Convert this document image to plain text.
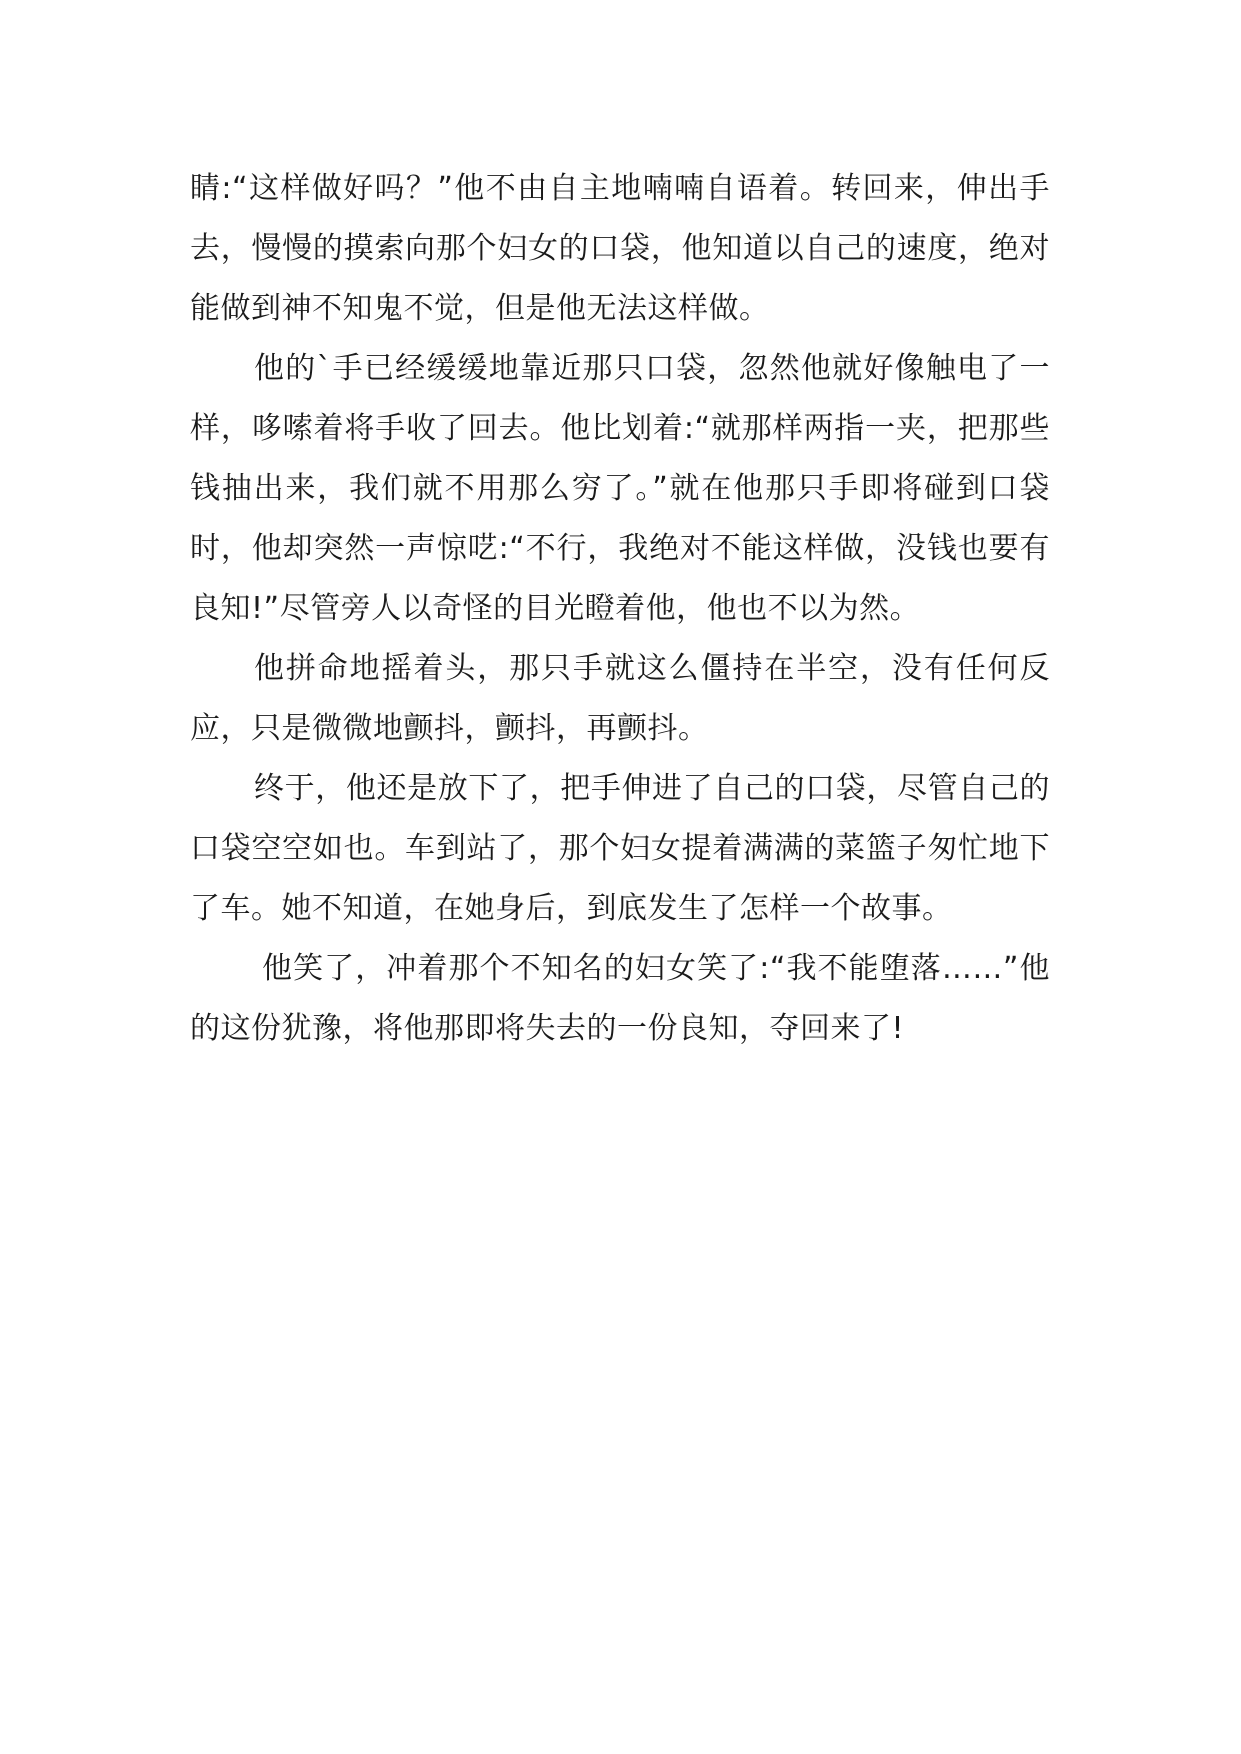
睛:“这样做好吗？”他不由自主地喃喃自语着。转回来，伸出手去，慢慢的摸索向那个妇女的口袋，他知道以自己的速度，绝对能做到神不知鬼不觉，但是他无法这样做。

他的`手已经缓缓地靠近那只口袋，忽然他就好像触电了一样，哆嗦着将手收了回去。他比划着:“就那样两指一夹，把那些钱抽出来，我们就不用那么穷了。”就在他那只手即将碰到口袋时，他却突然一声惊呓:“不行，我绝对不能这样做，没钱也要有良知!”尽管旁人以奇怪的目光瞪着他，他也不以为然。

他拼命地摇着头，那只手就这么僵持在半空，没有任何反应，只是微微地颤抖，颤抖，再颤抖。

终于，他还是放下了，把手伸进了自己的口袋，尽管自己的口袋空空如也。车到站了，那个妇女提着满满的菜篮子匆忙地下了车。她不知道，在她身后，到底发生了怎样一个故事。

他笑了，冲着那个不知名的妇女笑了:“我不能堕落……”他的这份犹豫，将他那即将失去的一份良知，夺回来了!
